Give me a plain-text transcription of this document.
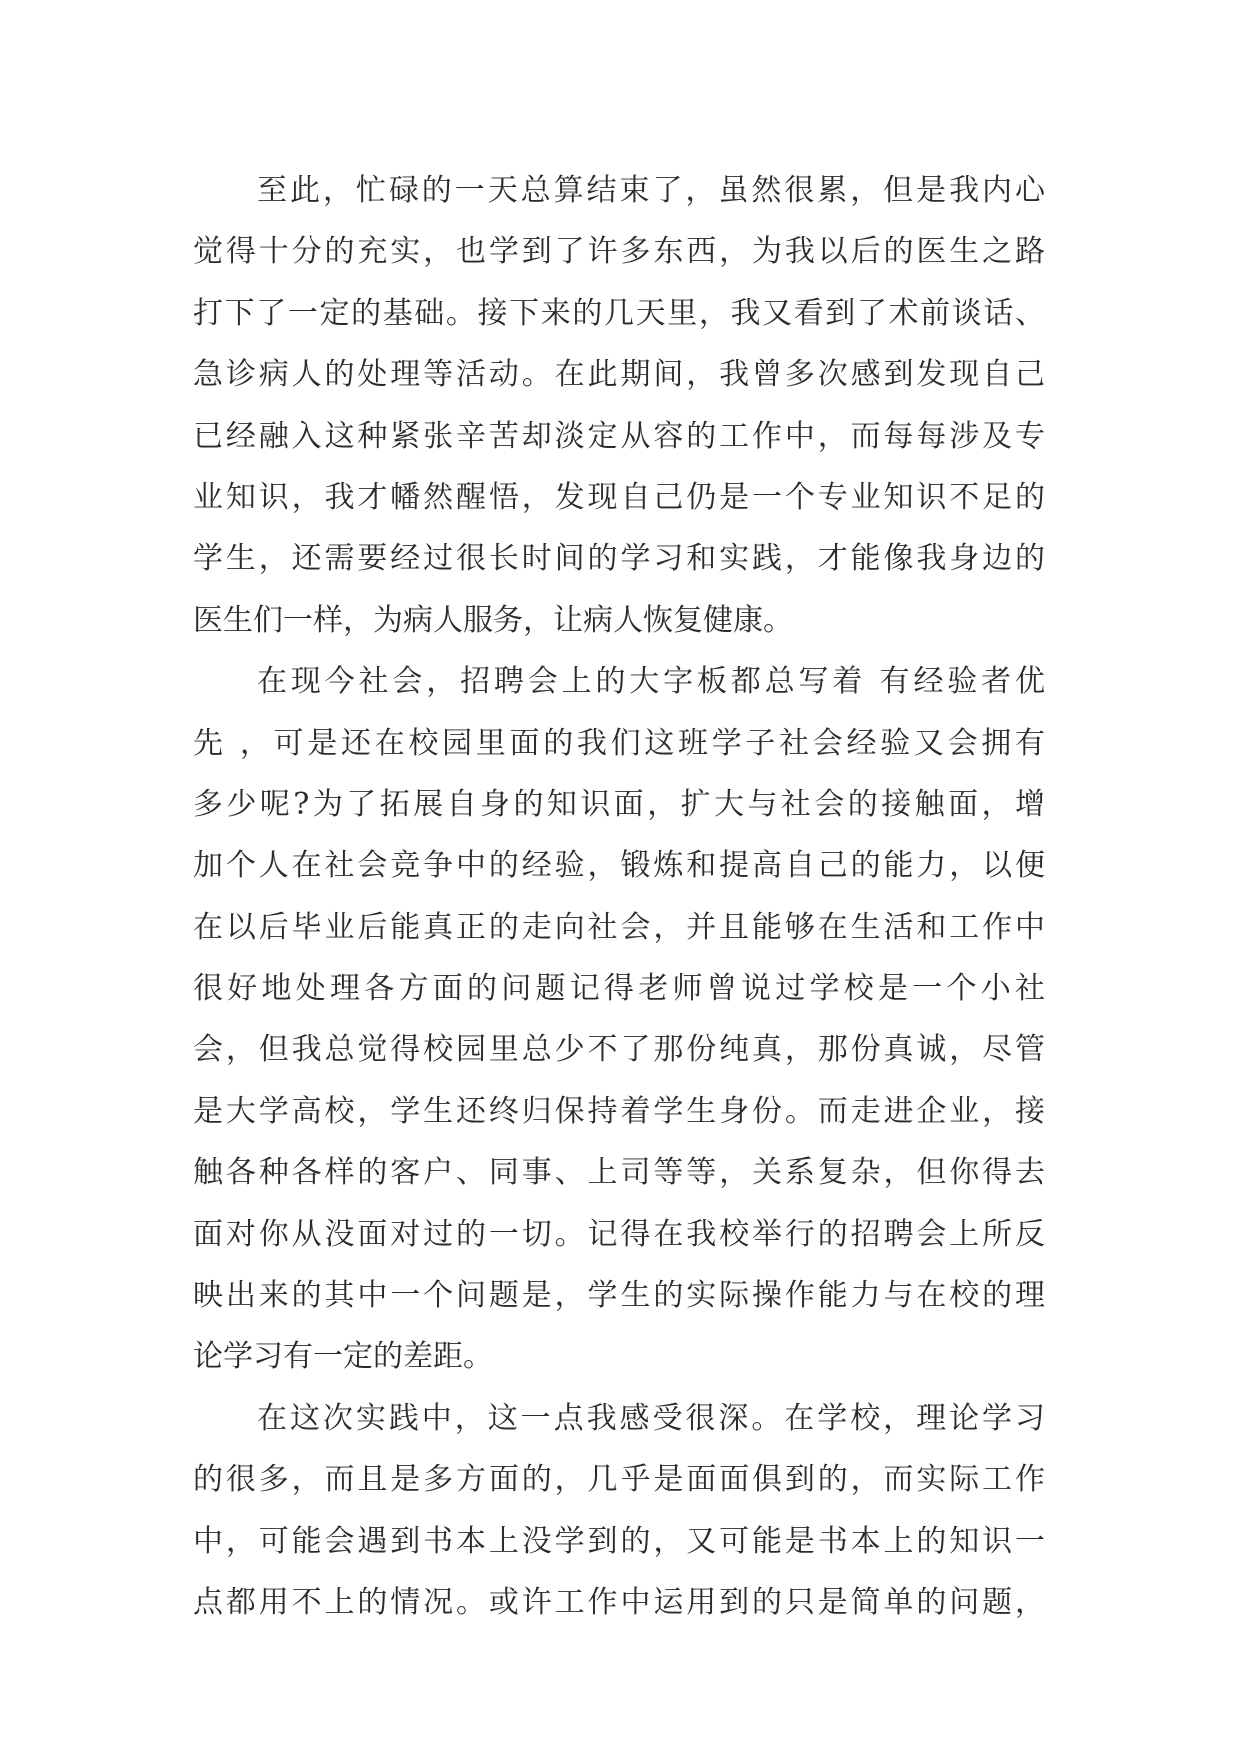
至此，忙碌的一天总算结束了，虽然很累，但是我内心
觉得十分的充实，也学到了许多东西，为我以后的医生之路
打下了一定的基础。接下来的几天里，我又看到了术前谈话、
急诊病人的处理等活动。在此期间，我曾多次感到发现自己
已经融入这种紧张辛苦却淡定从容的工作中，而每每涉及专
业知识，我才幡然醒悟，发现自己仍是一个专业知识不足的
学生，还需要经过很长时间的学习和实践，才能像我身边的
医生们一样，为病人服务，让病人恢复健康。
在现今社会，招聘会上的大字板都总写着 有经验者优
先 ，可是还在校园里面的我们这班学子社会经验又会拥有
多少呢?为了拓展自身的知识面，扩大与社会的接触面，增
加个人在社会竞争中的经验，锻炼和提高自己的能力，以便
在以后毕业后能真正的走向社会，并且能够在生活和工作中
很好地处理各方面的问题记得老师曾说过学校是一个小社
会，但我总觉得校园里总少不了那份纯真，那份真诚，尽管
是大学高校，学生还终归保持着学生身份。而走进企业，接
触各种各样的客户、同事、上司等等，关系复杂，但你得去
面对你从没面对过的一切。记得在我校举行的招聘会上所反
映出来的其中一个问题是，学生的实际操作能力与在校的理
论学习有一定的差距。
在这次实践中，这一点我感受很深。在学校，理论学习
的很多，而且是多方面的，几乎是面面俱到的，而实际工作
中，可能会遇到书本上没学到的，又可能是书本上的知识一
点都用不上的情况。或许工作中运用到的只是简单的问题，
